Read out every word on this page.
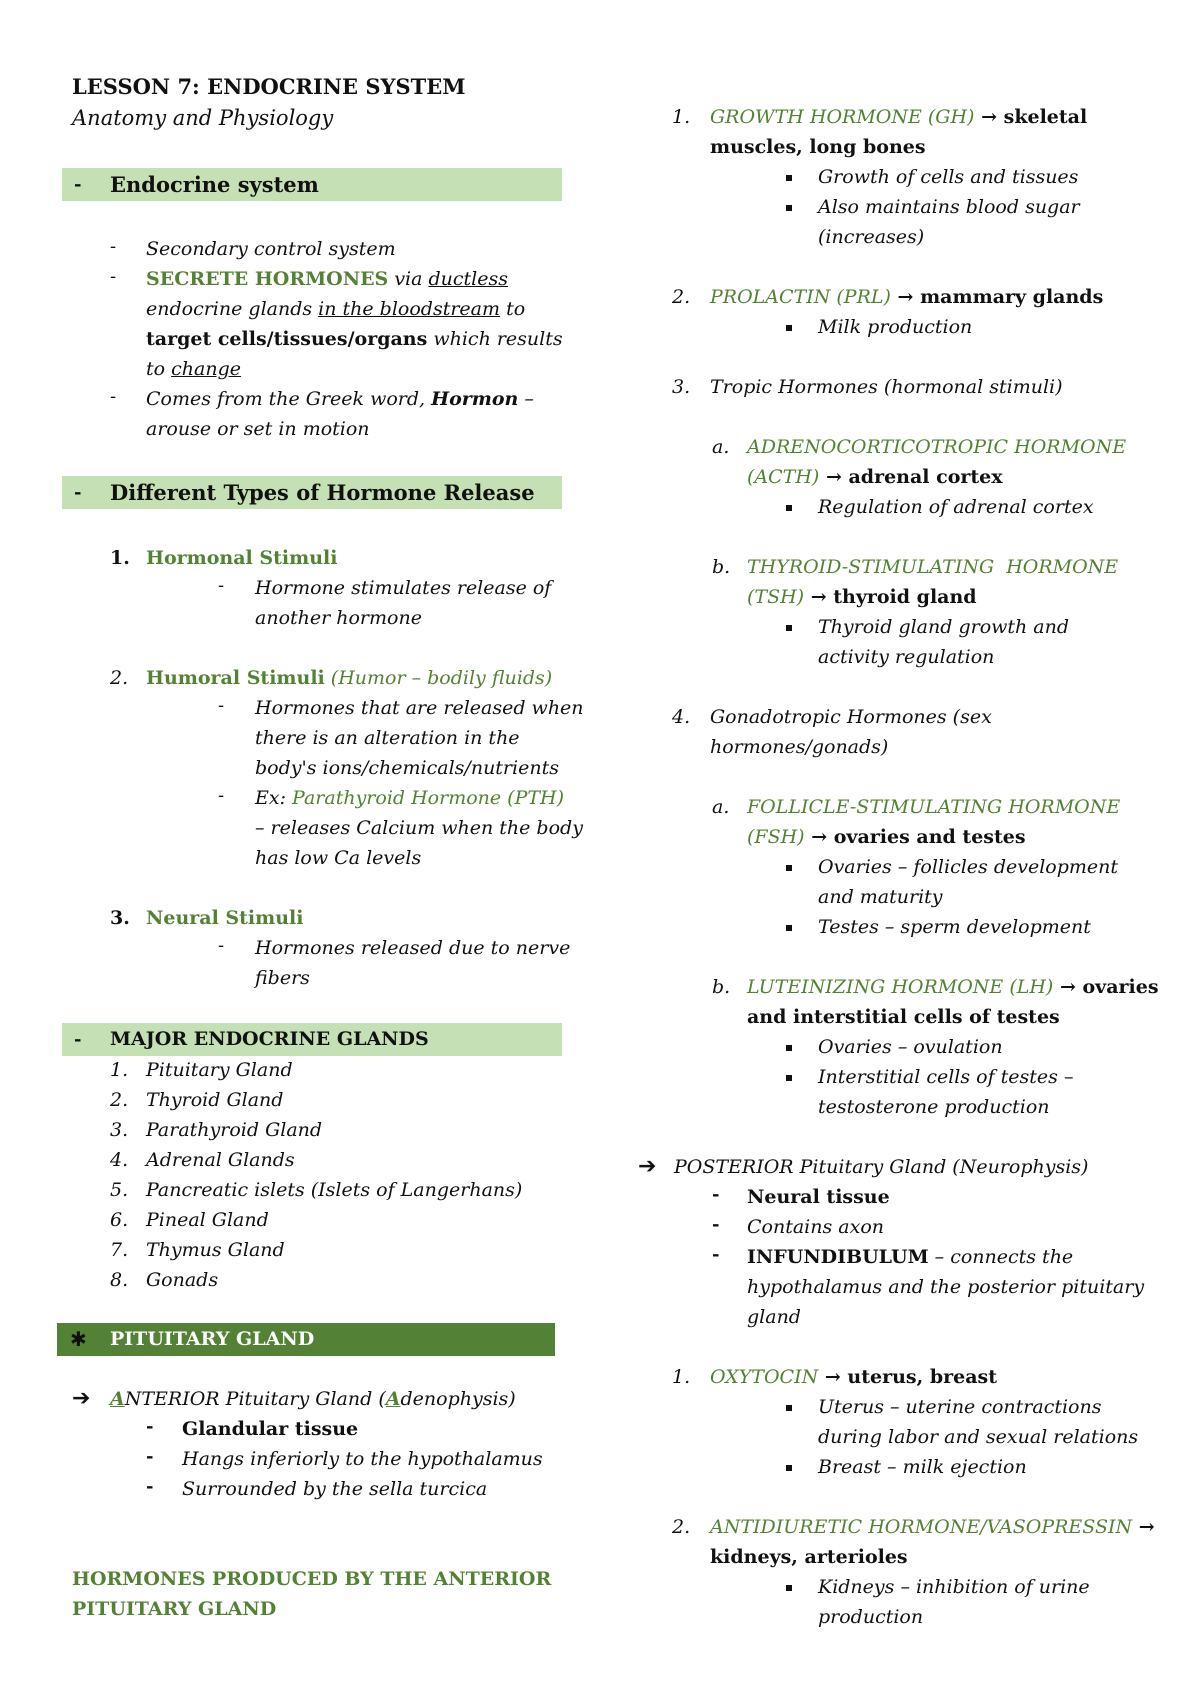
LESSON 7: ENDOCRINE SYSTEM
Anatomy and Physiology
- Endocrine system
- Secondary control system
- SECRETE HORMONES via ductless
endocrine glands in the bloodstream to
target cells/tissues/organs which results
to change
- Comes from the Greek word, Hormon –
arouse or set in motion
- Different Types of Hormone Release
1. Hormonal Stimuli
- Hormone stimulates release of
another hormone
2. Humoral Stimuli (Humor – bodily fluids)
- Hormones that are released when
there is an alteration in the
body's ions/chemicals/nutrients
- Ex: Parathyroid Hormone (PTH)
– releases Calcium when the body
has low Ca levels
3. Neural Stimuli
- Hormones released due to nerve
fibers
- MAJOR ENDOCRINE GLANDS
1. Pituitary Gland
2. Thyroid Gland
3. Parathyroid Gland
4. Adrenal Glands
5. Pancreatic islets (Islets of Langerhans)
6. Pineal Gland
7. Thymus Gland
8. Gonads
✱ PITUITARY GLAND
➔ ANTERIOR Pituitary Gland (Adenophysis)
- Glandular tissue
- Hangs inferiorly to the hypothalamus
- Surrounded by the sella turcica
HORMONES PRODUCED BY THE ANTERIOR
PITUITARY GLAND
1. GROWTH HORMONE (GH) → skeletal
muscles, long bones
Growth of cells and tissues
Also maintains blood sugar
(increases)
2. PROLACTIN (PRL) → mammary glands
Milk production
3. Tropic Hormones (hormonal stimuli)
a. ADRENOCORTICOTROPIC HORMONE
(ACTH) → adrenal cortex
Regulation of adrenal cortex
b. THYROID-STIMULATING  HORMONE
(TSH) → thyroid gland
Thyroid gland growth and
activity regulation
4. Gonadotropic Hormones (sex
hormones/gonads)
a. FOLLICLE-STIMULATING HORMONE
(FSH) → ovaries and testes
Ovaries – follicles development
and maturity
Testes – sperm development
b. LUTEINIZING HORMONE (LH) → ovaries
and interstitial cells of testes
Ovaries – ovulation
Interstitial cells of testes –
testosterone production
➔ POSTERIOR Pituitary Gland (Neurophysis)
- Neural tissue
- Contains axon
- INFUNDIBULUM – connects the
hypothalamus and the posterior pituitary
gland
1. OXYTOCIN → uterus, breast
Uterus – uterine contractions
during labor and sexual relations
Breast – milk ejection
2. ANTIDIURETIC HORMONE/VASOPRESSIN →
kidneys, arterioles
Kidneys – inhibition of urine
production
